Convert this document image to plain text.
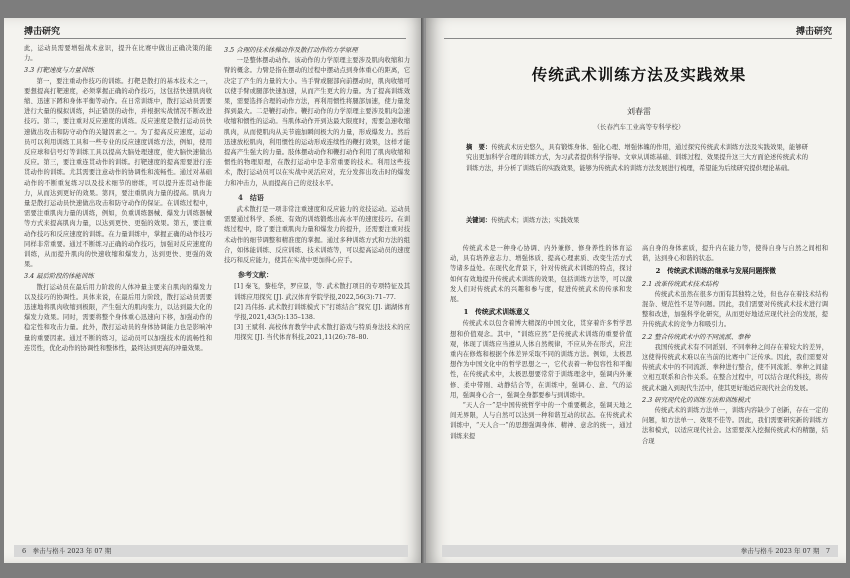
搏击研究

此，运动员需要增强战术意识，提升在比赛中做出正确决策的能力。

3.3 打靶速度与力量训练

第一，要注重动作技巧的训练。打靶是散打的基本技术之一，要想提高打靶速度，必须掌握正确的动作技巧，这包括快速肌肉收缩、迅速下蹲和身体平衡等动作。在日常训练中，散打运动员需要进行大量的模拟训练，纠正错误的动作，并根据实战情况不断改进技巧。第二，要注重对反应速度的训练。反应速度是散打运动员快速做出攻击和防守动作的关键因素之一。为了提高反应速度，运动员可以利用训练工具和一些专业的反应速度训练方法，例如，使用反应球和信号灯等训练工具以提高大脑处理速度，使大脑快速做出反应。第三，要注重连贯动作的训练。打靶速度的提高需要进行连贯动作的训练。尤其需要注意动作的协调性和流畅性。通过对基础动作的不断重复练习以及技术细节的磨练，可以提升连贯动作能力，从而达到更好的效果。第四，要注重肌肉力量的提高。肌肉力量是散打运动员快速做出攻击和防守动作的保证。在训练过程中，需要注重肌肉力量的训练，例如，负重训练器械、爆发力训练器械等方式来提高肌肉力量，以达到更快、更强的效果。第五，要注重动作技巧和反应速度的训练。在力量训练中，掌握正确的动作技巧同样非常重要。通过不断练习正确的动作技巧，加强对反应速度的训练，从而提升肌肉的快速收缩和爆发力，达到更快、更强的效果。

3.4 最后阶段的体能训练

散打运动员在最后用力阶段的人体冲量主要来自肌肉的爆发力以及技巧的协调性。具体来说，在最后用力阶段，散打运动员需要迅速地将肌肉收缩到极限，产生强大的肌肉张力，以达到最大化的爆发力效果。同时，需要将整个身体重心迅速向下移，加强动作的稳定性和攻击力量。此外，散打运动员的身体协调能力也是影响冲量的重要因素。通过不断的练习，运动员可以加强技术的流畅性和连贯性，优化动作的协调性和整体性，最终达到更高的冲量效果。

3.5 合理的技术体操动作及散打动作的力学原理

一是整体摆动动作。该动作的力学原理主要涉及肌肉收缩和力臂的概念。力臂是指在摆动的过程中摆动点到身体重心的距离，它决定了产生的力量的大小。当手臂或腿部向前摆动时，肌肉收缩可以使手臂或腿部快速加速，从而产生更大的力量。为了提高训练效果，需要选择合理的动作方法，再利用惯性将腿部加速，使力量发挥到最大。二是鞭打动作。鞭打动作的力学原理主要涉及肌肉急速收缩和惯性的运动。当肌体动作开到达最大限度时，需要急速收缩肌肉，从而使肌肉从关节施加瞬间极大的力量，形成爆发力。然后迅速放松肌肉，利用惯性的运动形成连续性的鞭打效果，这样才能提高产生强大的力量。肢体摆动动作和鞭打动作利用了肌肉收缩和惯性的物理原理，在散打运动中是非常重要的技术。利用这些技术，散打运动员可以在实战中灵活应对，充分发挥出攻击时的爆发力和冲击力，从而提高自己的竞技水平。

4　结语

武术散打是一项非常注重速度和反应能力的竞技运动。运动员需要通过科学、系统、有效的训练锻炼出高水平的速度技巧。在训练过程中，除了要注重肌肉力量和爆发力的提升，还需要注重对技术动作的细节调整和精准度的掌握。通过多种训练方式和方法的组合，如体能训练、反应训练、技术训练等，可以提高运动员的速度技巧和反应能力，使其在实战中更加得心应手。

参考文献：

[1] 秦飞，黎桂华，罗应景，等. 武术散打项目的专项特征及其训练应用探究 [J]. 武汉体育学院学报,2022,56(3):71–77.

[2] 冯伟扬. 武术散打训练模式下“打练结合”探究 [J]. 湖湖体育学报,2021,43(5):135–138.

[3] 王斌利. 高校体育教学中武术散打游戏与特质身法技术的应用探究 [J]. 当代体育科技,2021,11(26):78–80.

6　拳击与格斗 2023 年 07 期
搏击研究
传统武术训练方法及实践效果
刘春雷
（长春汽车工业高等专科学校）
摘　要：传统武术历史悠久，具有锻炼身体、强化心理、增强体魄的作用，通过探究传统武术训练方法及实践效果，能够研究出更加科学合理的训练方式，为习武者提供科学指导。文章从训练基础、训练过程、效果提升这三大方面论述传统武术的训练方法，并分析了训练后的实践效果，能够为传统武术的训练方法发展进行梳理，希望能为后续研究提供理论基础。
关键词：传统武术；训练方法；实践效果

传统武术是一种身心协调、内外兼修、修身养性的体育运动，具有培养意志力、增强体质、提高心理素质、改变生活方式等诸多益处。在现代化背景下，针对传统武术训练的特点，探讨如何有效地提升传统武术训练的效果，包括训练方法等，可以激发人们对传统武术的兴趣和参与度，促进传统武术的传承和发展。

1　传统武术训练意义

传统武术以包含着博大精深的中国文化，贯穿着许多哲学思想和价值观念。其中，“训练应然”是传统武术训练的重要价值观，体现了训练应当遵从人体自然规律，不应从外在形式，应注重内在修炼和根据个体差异采取不同的训练方法。例如，太极思想作为中国文化中的哲学思想之一，它代表着一种包容性和平衡性，在传统武术中，太极思想要常常于训练理念中，强调内外兼修、柔中带刚、动静结合等，在训练中，强调心、意、气的运用，强调身心合一，强调全身都要参与到训练中。

“天人合一”是中国传统哲学中的一个重要概念，强调天地之间无界限，人与自然可以达到一种和谐互动的状态。在传统武术训练中，“天人合一”的思想强调身体、精神、意念的统一，通过训练来提

高自身的身体素质，提升内在能力等，使得自身与自然之间相和谐，达到身心和谐的状态。

2　传统武术训练的继承与发展问题探微
2.1 改革传统武术技术结构

传统武术虽然在很多方面有其独特之处，但也存在着技术结构混杂、规范性不足等问题。因此，我们需要对传统武术技术进行调整和改进，加强科学化研究，从而更好地适应现代社会的发展，提升传统武术的竞争力和吸引力。

2.2 整合传统武术中的不同流派、拳种

我国传统武术有不同派别、不同拳种之间存在着较大的差异，这使得传统武术难以在当前的比赛中广泛传承。因此，我们需要对传统武术中的不同流派、拳种进行整合，使不同流派、拳种之间建立相互联系和合作关系。在整合过程中，可以结合现代科技，将传统武术融入到现代生活中，使其更好地适应现代社会的发展。

2.3 研究现代化的训练方法和训练模式

传统武术的训练方法单一，训练内容缺少了创新，存在一定的问题，如方法单一、效果不佳等。因此，我们需要研究新的训练方法和模式，以适应现代社会。这需要深入挖掘传统武术的精髓，结合现

拳击与格斗 2023 年 07 期　7
